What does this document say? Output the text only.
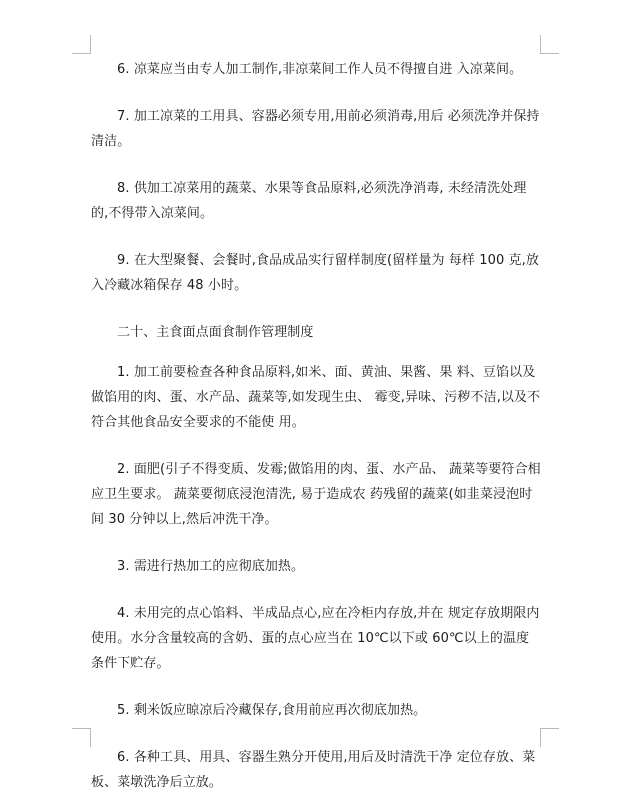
6. 凉菜应当由专人加工制作,非凉菜间工作人员不得擅自进 入凉菜间。

7. 加工凉菜的工用具、容器必须专用,用前必须消毒,用后 必须洗净并保持清洁。

8. 供加工凉菜用的蔬菜、水果等食品原料,必须洗净消毒, 未经清洗处理的,不得带入凉菜间。

9. 在大型聚餐、会餐时,食品成品实行留样制度(留样量为 每样 100 克,放入冷藏冰箱保存 48 小时。

二十、主食面点面食制作管理制度

1. 加工前要检查各种食品原料,如米、面、黄油、果酱、果 料、豆馅以及做馅用的肉、蛋、水产品、蔬菜等,如发现生虫、 霉变,异味、污秽不洁,以及不符合其他食品安全要求的不能使 用。

2. 面肥(引子不得变质、发霉;做馅用的肉、蛋、水产品、 蔬菜等要符合相应卫生要求。 蔬菜要彻底浸泡清洗, 易于造成农 药残留的蔬菜(如韭菜浸泡时间 30 分钟以上,然后冲洗干净。

3. 需进行热加工的应彻底加热。

4. 未用完的点心馅料、半成品点心,应在冷柜内存放,并在 规定存放期限内使用。水分含量较高的含奶、蛋的点心应当在 10℃以下或 60℃以上的温度条件下贮存。

5. 剩米饭应晾凉后冷藏保存,食用前应再次彻底加热。

6. 各种工具、用具、容器生熟分开使用,用后及时清洗干净 定位存放、菜板、菜墩洗净后立放。
